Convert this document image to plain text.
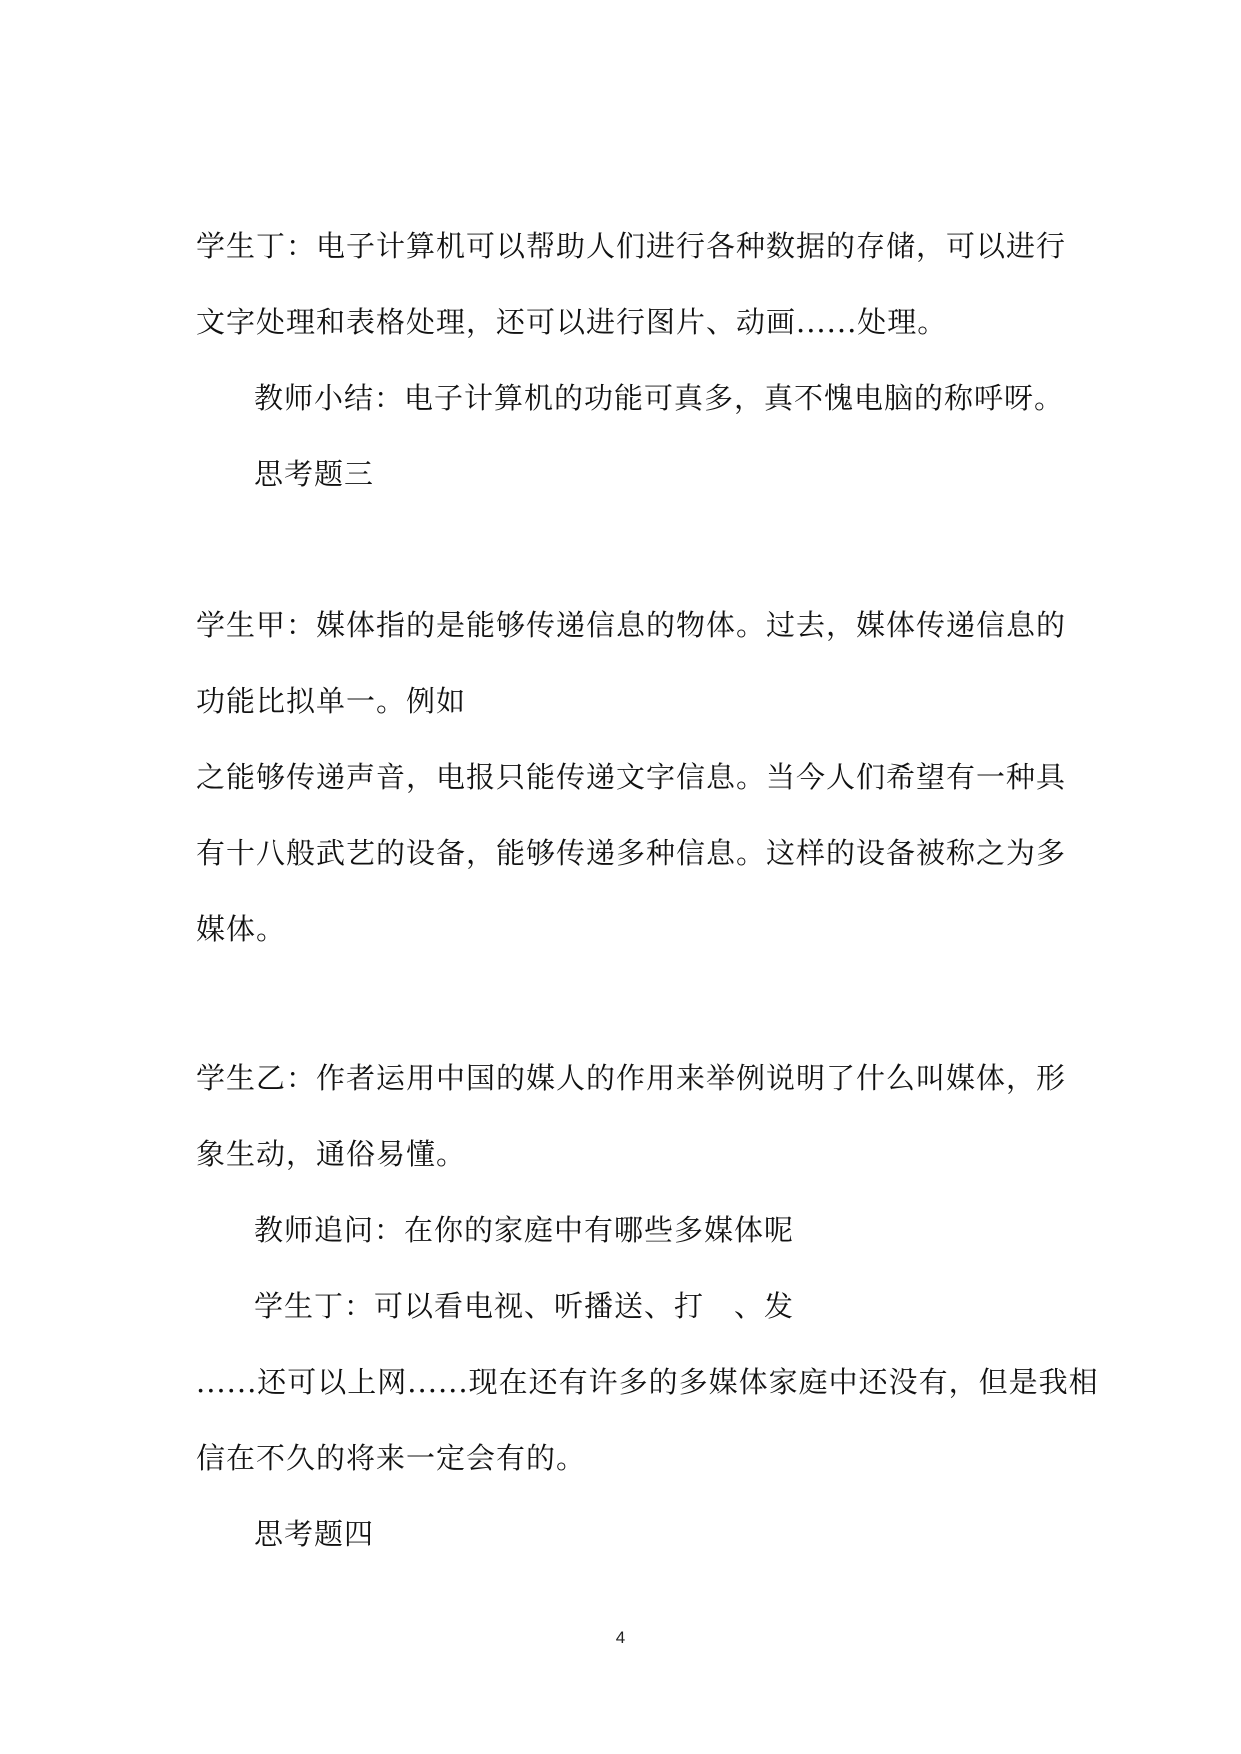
学生丁：电子计算机可以帮助人们进行各种数据的存储，可以进行
文字处理和表格处理，还可以进行图片、动画......处理。
教师小结：电子计算机的功能可真多，真不愧电脑的称呼呀。
思考题三
学生甲：媒体指的是能够传递信息的物体。过去，媒体传递信息的
功能比拟单一。例如
之能够传递声音，电报只能传递文字信息。当今人们希望有一种具
有十八般武艺的设备，能够传递多种信息。这样的设备被称之为多
媒体。
学生乙：作者运用中国的媒人的作用来举例说明了什么叫媒体，形
象生动，通俗易懂。
教师追问：在你的家庭中有哪些多媒体呢
学生丁：可以看电视、听播送、打　、发
......还可以上网......现在还有许多的多媒体家庭中还没有，但是我相
信在不久的将来一定会有的。
思考题四
4
